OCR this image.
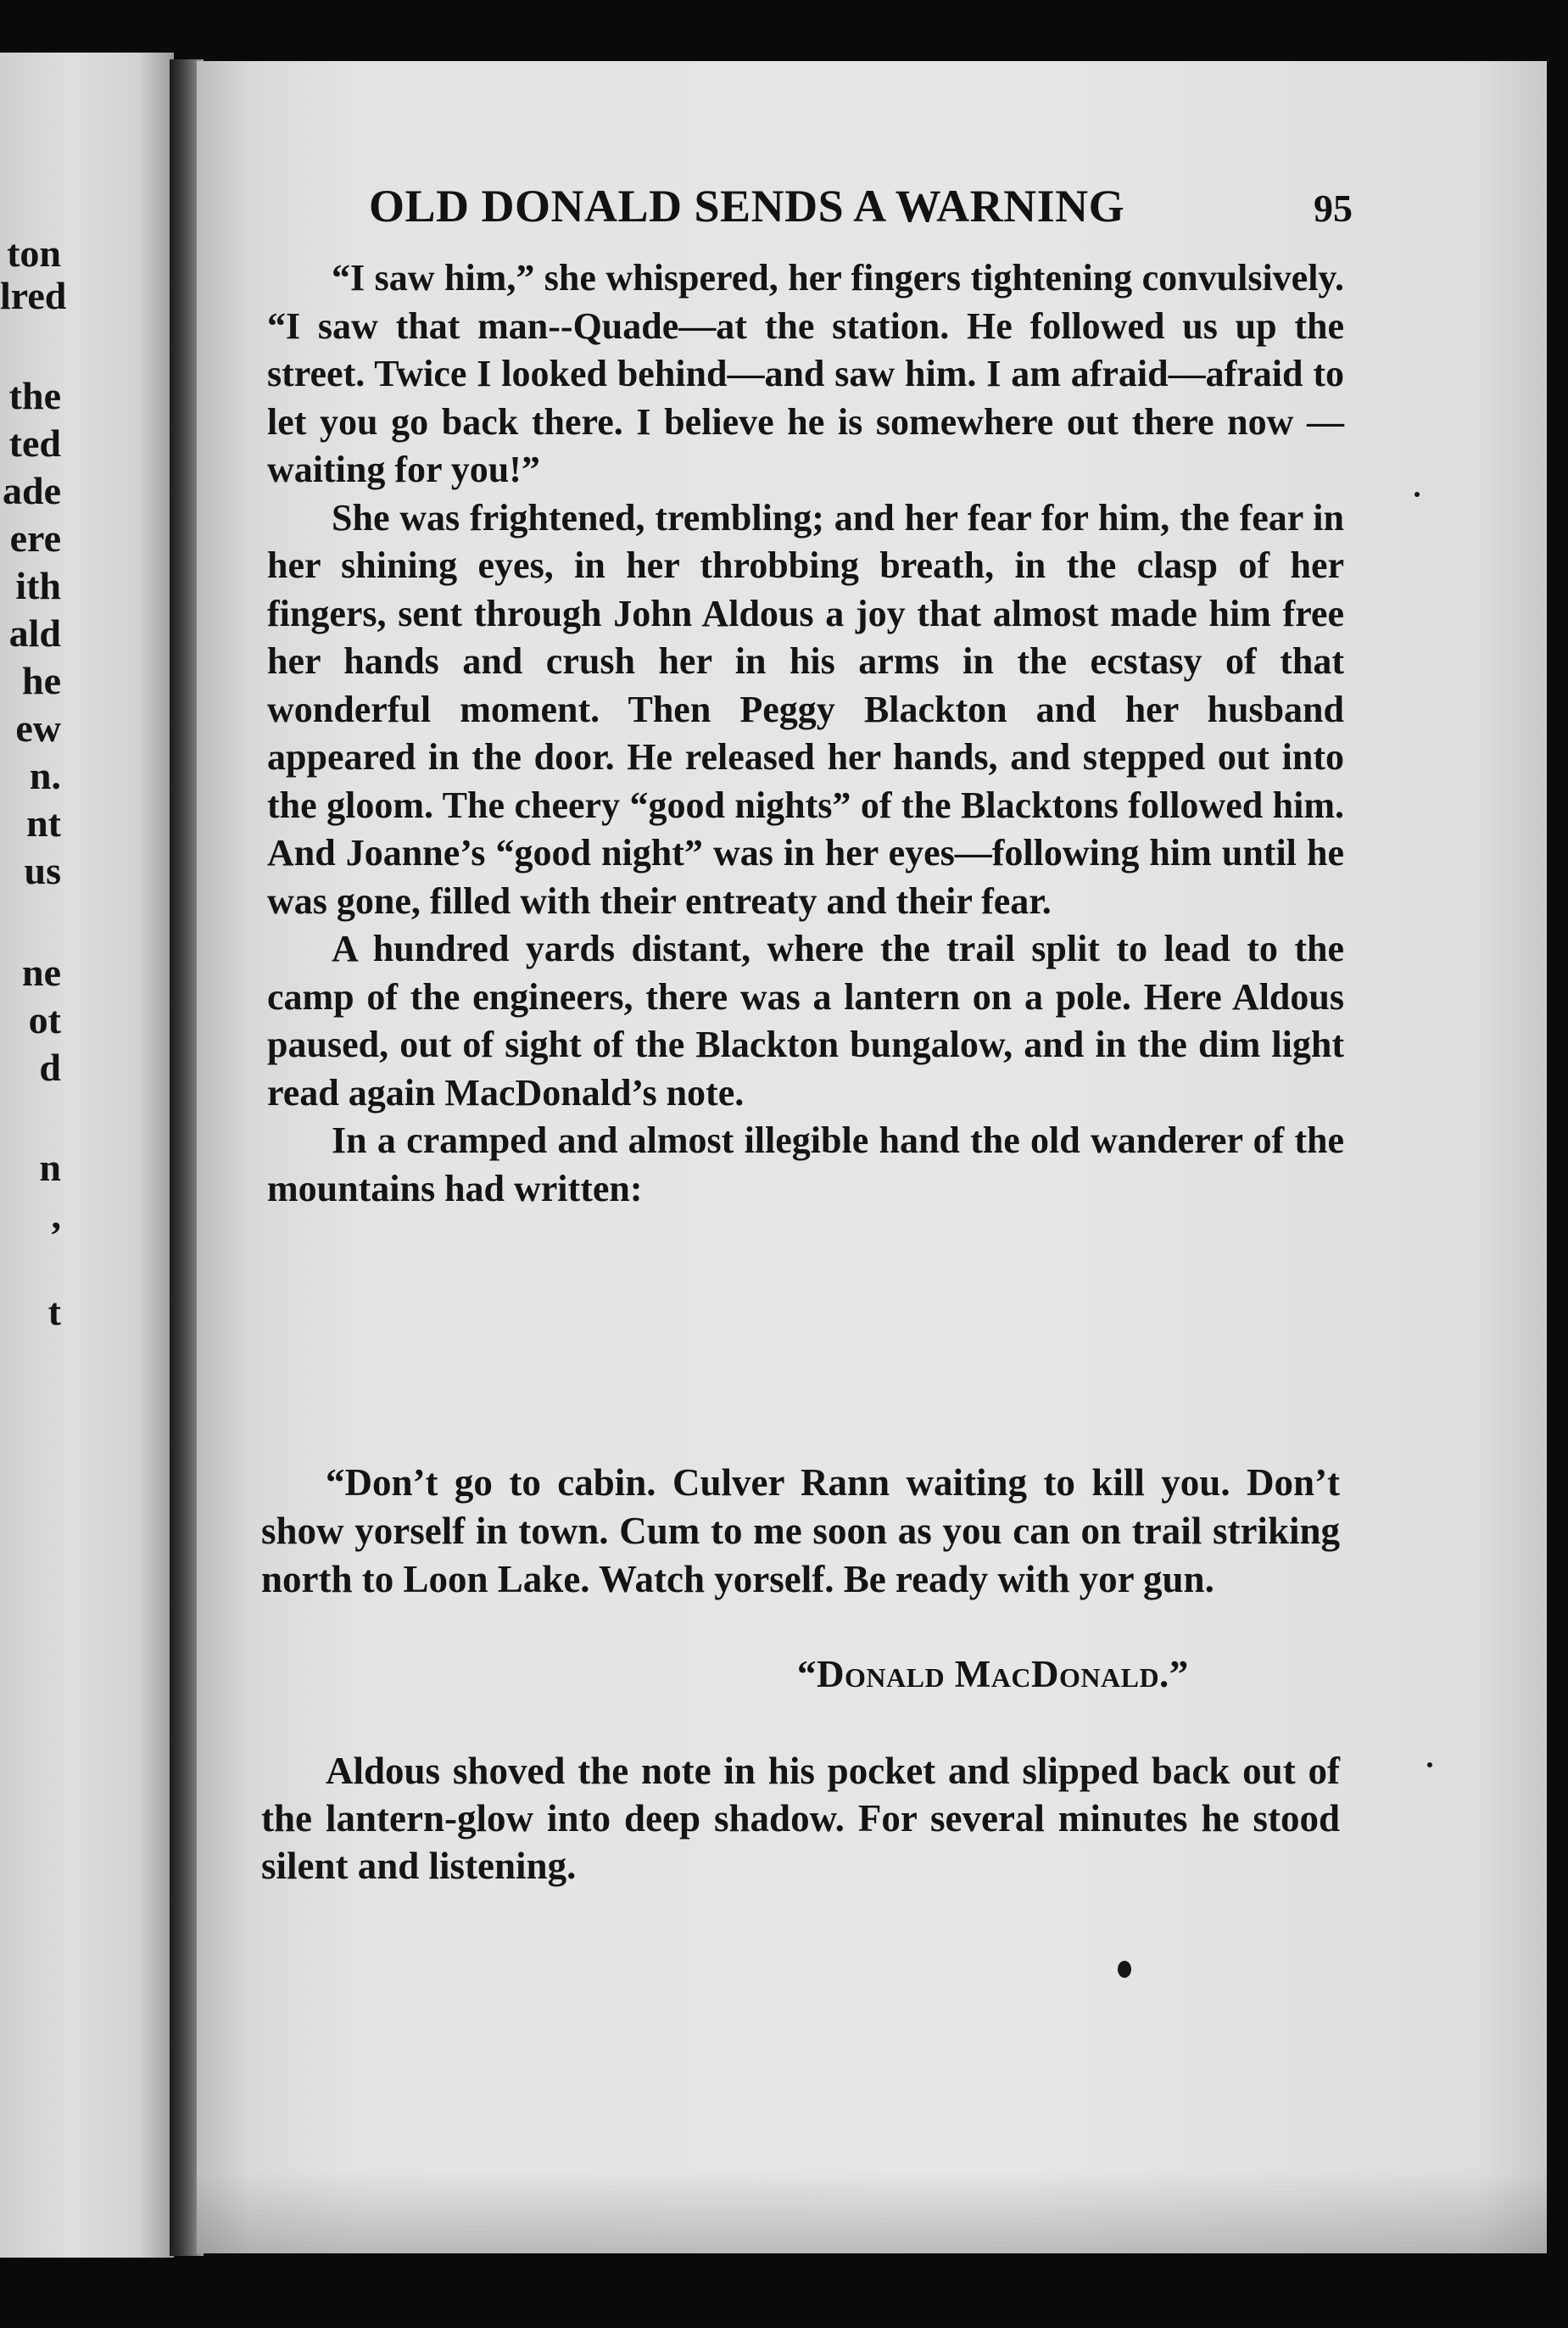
ton
lred
the
ted
ade
ere
ith
ald
he
ew
n.
nt
us
ne
ot
d
n
,
t
OLD DONALD SENDS A WARNING	95

“I saw him,” she whispered, her fingers tightening convulsively. “I saw that man--Quade—at the station. He followed us up the street. Twice I looked behind—and saw him. I am afraid—afraid to let you go back there. I believe he is somewhere out there now —waiting for you!”

She was frightened, trembling; and her fear for him, the fear in her shining eyes, in her throbbing breath, in the clasp of her fingers, sent through John Aldous a joy that almost made him free her hands and crush her in his arms in the ecstasy of that wonderful moment. Then Peggy Blackton and her husband appeared in the door. He released her hands, and stepped out into the gloom. The cheery “good nights” of the Blacktons followed him. And Joanne’s “good night” was in her eyes—following him until he was gone, filled with their entreaty and their fear.

A hundred yards distant, where the trail split to lead to the camp of the engineers, there was a lantern on a pole. Here Aldous paused, out of sight of the Blackton bungalow, and in the dim light read again MacDonald’s note.

In a cramped and almost illegible hand the old wanderer of the mountains had written:

“Don’t go to cabin. Culver Rann waiting to kill you. Don’t show yorself in town. Cum to me soon as you can on trail striking north to Loon Lake. Watch yorself. Be ready with yor gun.

“Donald MacDonald.”

Aldous shoved the note in his pocket and slipped back out of the lantern-glow into deep shadow. For several minutes he stood silent and listening.
